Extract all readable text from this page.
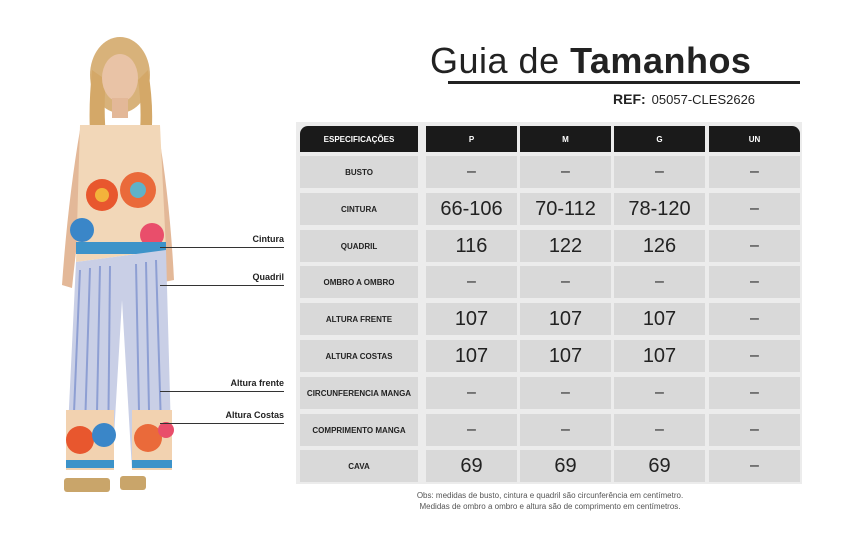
Cintura
Quadril
Altura frente
Altura Costas
Guia de Tamanhos
REF: 05057-CLES2626
ESPECIFICAÇÕES	P	M	G	UN
BUSTO	–	–	–	–
CINTURA	66-106	70-112	78-120	–
QUADRIL	116	122	126	–
OMBRO A OMBRO	–	–	–	–
ALTURA FRENTE	107	107	107	–
ALTURA COSTAS	107	107	107	–
CIRCUNFERENCIA MANGA	–	–	–	–
COMPRIMENTO MANGA	–	–	–	–
CAVA	69	69	69	–
Obs: medidas de busto, cintura e quadril são circunferência em centímetro.
Medidas de ombro a ombro e altura são de comprimento em centímetros.
